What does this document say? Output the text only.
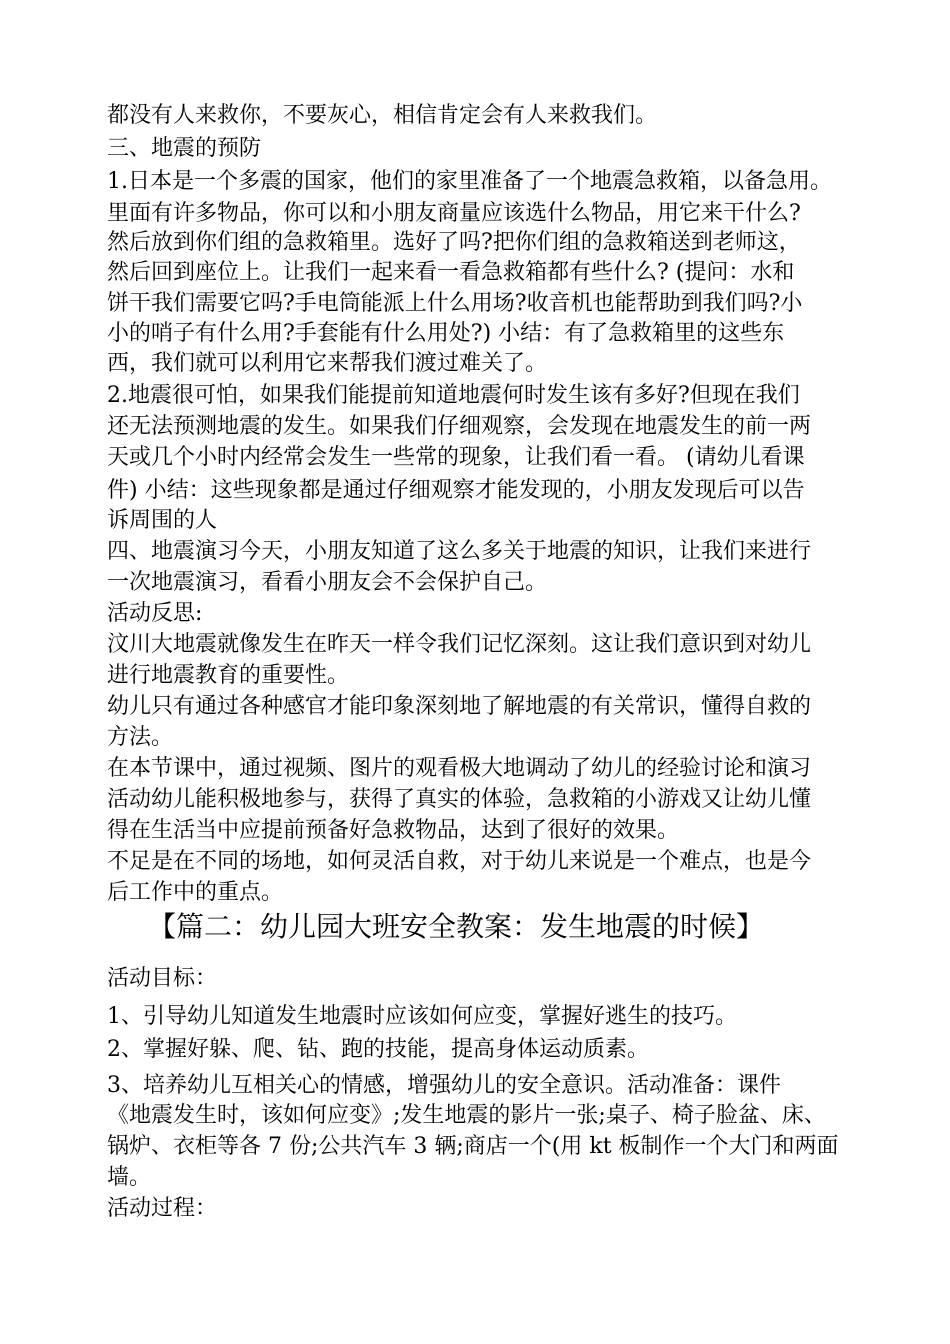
都没有人来救你，不要灰心，相信肯定会有人来救我们。

三、地震的预防

1.日本是一个多震的国家，他们的家里准备了一个地震急救箱，以备急用。

里面有许多物品，你可以和小朋友商量应该选什么物品，用它来干什么?

然后放到你们组的急救箱里。选好了吗?把你们组的急救箱送到老师这，

然后回到座位上。让我们一起来看一看急救箱都有些什么? (提问：水和

饼干我们需要它吗?手电筒能派上什么用场?收音机也能帮助到我们吗?小

小的哨子有什么用?手套能有什么用处?) 小结：有了急救箱里的这些东

西，我们就可以利用它来帮我们渡过难关了。

2.地震很可怕，如果我们能提前知道地震何时发生该有多好?但现在我们

还无法预测地震的发生。如果我们仔细观察，会发现在地震发生的前一两

天或几个小时内经常会发生一些常的现象，让我们看一看。 (请幼儿看课

件) 小结：这些现象都是通过仔细观察才能发现的，小朋友发现后可以告

诉周围的人

四、地震演习今天，小朋友知道了这么多关于地震的知识，让我们来进行

一次地震演习，看看小朋友会不会保护自己。

活动反思:

汶川大地震就像发生在昨天一样令我们记忆深刻。这让我们意识到对幼儿

进行地震教育的重要性。

幼儿只有通过各种感官才能印象深刻地了解地震的有关常识，懂得自救的

方法。

在本节课中，通过视频、图片的观看极大地调动了幼儿的经验讨论和演习

活动幼儿能积极地参与，获得了真实的体验，急救箱的小游戏又让幼儿懂

得在生活当中应提前预备好急救物品，达到了很好的效果。

不足是在不同的场地，如何灵活自救，对于幼儿来说是一个难点，也是今

后工作中的重点。

【篇二：幼儿园大班安全教案：发生地震的时候】

活动目标：

1、引导幼儿知道发生地震时应该如何应变，掌握好逃生的技巧。

2、掌握好躲、爬、钻、跑的技能，提高身体运动质素。

3、培养幼儿互相关心的情感，增强幼儿的安全意识。活动准备：课件

《地震发生时，该如何应变》;发生地震的影片一张;桌子、椅子脸盆、床、

锅炉、衣柜等各 7 份;公共汽车 3 辆;商店一个(用 kt 板制作一个大门和两面

墙。

活动过程：
